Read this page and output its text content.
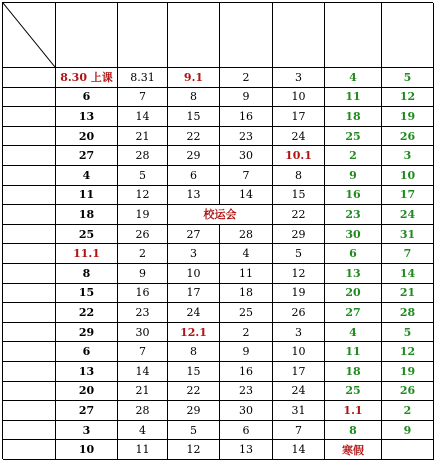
8.30 上课	8.31	9.1	2	3	4	5
6	7	8	9	10	11	12
13	14	15	16	17	18	19
20	21	22	23	24	25	26
27	28	29	30	10.1	2	3
4	5	6	7	8	9	10
11	12	13	14	15	16	17
18	19	校运会	22	23	24
25	26	27	28	29	30	31
11.1	2	3	4	5	6	7
8	9	10	11	12	13	14
15	16	17	18	19	20	21
22	23	24	25	26	27	28
29	30	12.1	2	3	4	5
6	7	8	9	10	11	12
13	14	15	16	17	18	19
20	21	22	23	24	25	26
27	28	29	30	31	1.1	2
3	4	5	6	7	8	9
10	11	12	13	14	寒假
